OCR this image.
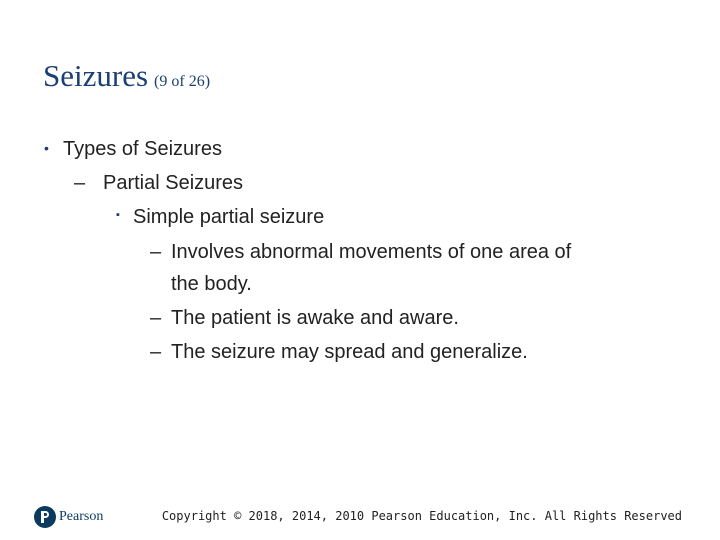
Seizures (9 of 26)
• Types of Seizures
– Partial Seizures
▪ Simple partial seizure
– Involves abnormal movements of one area of
the body.
– The patient is awake and aware.
– The seizure may spread and generalize.
Pearson	Copyright © 2018, 2014, 2010 Pearson Education, Inc. All Rights Reserved
